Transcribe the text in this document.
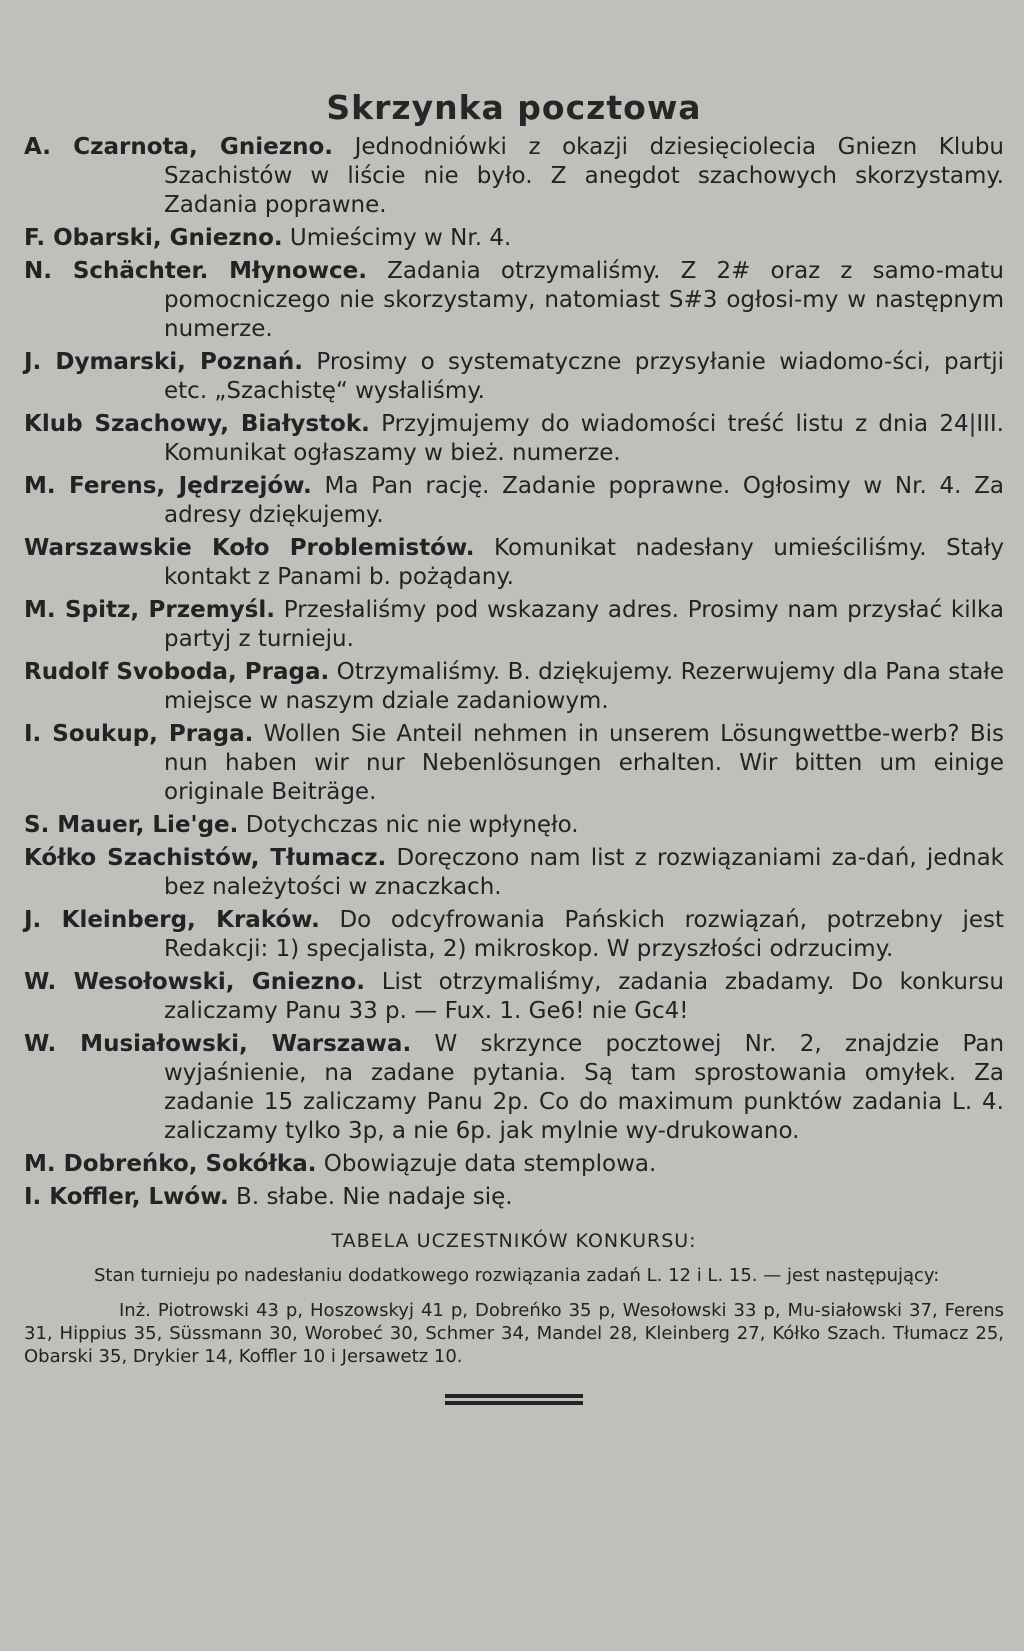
Skrzynka pocztowa

A. Czarnota, Gniezno. Jednodniówki z okazji dziesięciolecia Gniezn Klubu Szachistów w liście nie było. Z anegdot szachowych skorzystamy. Zadania poprawne.

F. Obarski, Gniezno. Umieścimy w Nr. 4.

N. Schächter. Młynowce. Zadania otrzymaliśmy. Z 2# oraz z samo-matu pomocniczego nie skorzystamy, natomiast S#3 ogłosi-my w następnym numerze.

J. Dymarski, Poznań. Prosimy o systematyczne przysyłanie wiadomo-ści, partji etc. „Szachistę“ wysłaliśmy.

Klub Szachowy, Białystok. Przyjmujemy do wiadomości treść listu z dnia 24|III. Komunikat ogłaszamy w bież. numerze.

M. Ferens, Jędrzejów. Ma Pan rację. Zadanie poprawne. Ogłosimy w Nr. 4. Za adresy dziękujemy.

Warszawskie Koło Problemistów. Komunikat nadesłany umieściliśmy. Stały kontakt z Panami b. pożądany.

M. Spitz, Przemyśl. Przesłaliśmy pod wskazany adres. Prosimy nam przysłać kilka partyj z turnieju.

Rudolf Svoboda, Praga. Otrzymaliśmy. B. dziękujemy. Rezerwujemy dla Pana stałe miejsce w naszym dziale zadaniowym.

I. Soukup, Praga. Wollen Sie Anteil nehmen in unserem Lösungwettbe-werb? Bis nun haben wir nur Nebenlösungen erhalten. Wir bitten um einige originale Beiträge.

S. Mauer, Lie'ge. Dotychczas nic nie wpłynęło.

Kółko Szachistów, Tłumacz. Doręczono nam list z rozwiązaniami za-dań, jednak bez należytości w znaczkach.

J. Kleinberg, Kraków. Do odcyfrowania Pańskich rozwiązań, potrzebny jest Redakcji: 1) specjalista, 2) mikroskop. W przyszłości odrzucimy.

W. Wesołowski, Gniezno. List otrzymaliśmy, zadania zbadamy. Do konkursu zaliczamy Panu 33 p. — Fux. 1. Ge6! nie Gc4!

W. Musiałowski, Warszawa. W skrzynce pocztowej Nr. 2, znajdzie Pan wyjaśnienie, na zadane pytania. Są tam sprostowania omyłek. Za zadanie 15 zaliczamy Panu 2p. Co do maximum punktów zadania L. 4. zaliczamy tylko 3p, a nie 6p. jak mylnie wy-drukowano.

M. Dobreńko, Sokółka. Obowiązuje data stemplowa.

I. Koffler, Lwów. B. słabe. Nie nadaje się.

TABELA UCZESTNIKÓW KONKURSU:

Stan turnieju po nadesłaniu dodatkowego rozwiązania zadań L. 12 i L. 15. — jest następujący:

Inż. Piotrowski 43 p, Hoszowskyj 41 p, Dobreńko 35 p, Wesołowski 33 p, Mu-siałowski 37, Ferens 31, Hippius 35, Süssmann 30, Worobeć 30, Schmer 34, Mandel 28, Kleinberg 27, Kółko Szach. Tłumacz 25, Obarski 35, Drykier 14, Koffler 10 i Jersawetz 10.
